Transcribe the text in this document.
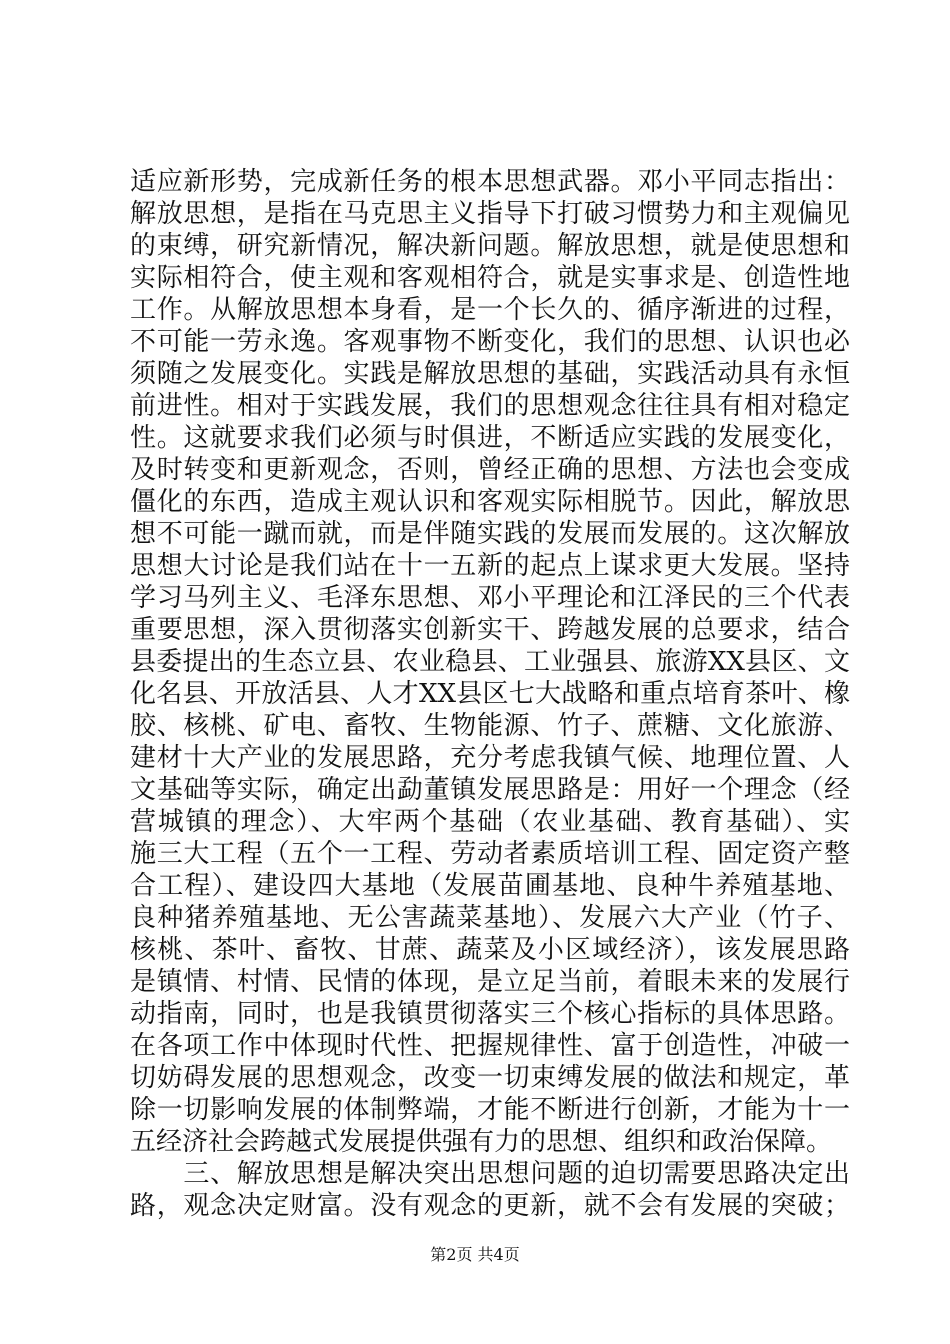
适应新形势，完成新任务的根本思想武器。邓小平同志指出：
解放思想，是指在马克思主义指导下打破习惯势力和主观偏见
的束缚，研究新情况，解决新问题。解放思想，就是使思想和
实际相符合，使主观和客观相符合，就是实事求是、创造性地
工作。从解放思想本身看，是一个长久的、循序渐进的过程，
不可能一劳永逸。客观事物不断变化，我们的思想、认识也必
须随之发展变化。实践是解放思想的基础，实践活动具有永恒
前进性。相对于实践发展，我们的思想观念往往具有相对稳定
性。这就要求我们必须与时俱进，不断适应实践的发展变化，
及时转变和更新观念，否则，曾经正确的思想、方法也会变成
僵化的东西，造成主观认识和客观实际相脱节。因此，解放思
想不可能一蹴而就，而是伴随实践的发展而发展的。这次解放
思想大讨论是我们站在十一五新的起点上谋求更大发展。坚持
学习马列主义、毛泽东思想、邓小平理论和江泽民的三个代表
重要思想，深入贯彻落实创新实干、跨越发展的总要求，结合
县委提出的生态立县、农业稳县、工业强县、旅游XX县区、文
化名县、开放活县、人才XX县区七大战略和重点培育茶叶、橡
胶、核桃、矿电、畜牧、生物能源、竹子、蔗糖、文化旅游、
建材十大产业的发展思路，充分考虑我镇气候、地理位置、人
文基础等实际，确定出勐董镇发展思路是：用好一个理念（经
营城镇的理念）、大牢两个基础（农业基础、教育基础）、实
施三大工程（五个一工程、劳动者素质培训工程、固定资产整
合工程）、建设四大基地（发展苗圃基地、良种牛养殖基地、
良种猪养殖基地、无公害蔬菜基地）、发展六大产业（竹子、
核桃、茶叶、畜牧、甘蔗、蔬菜及小区域经济），该发展思路
是镇情、村情、民情的体现，是立足当前，着眼未来的发展行
动指南，同时，也是我镇贯彻落实三个核心指标的具体思路。
在各项工作中体现时代性、把握规律性、富于创造性，冲破一
切妨碍发展的思想观念，改变一切束缚发展的做法和规定，革
除一切影响发展的体制弊端，才能不断进行创新，才能为十一
五经济社会跨越式发展提供强有力的思想、组织和政治保障。
　　三、解放思想是解决突出思想问题的迫切需要思路决定出
路，观念决定财富。没有观念的更新，就不会有发展的突破；
第2页 共4页
